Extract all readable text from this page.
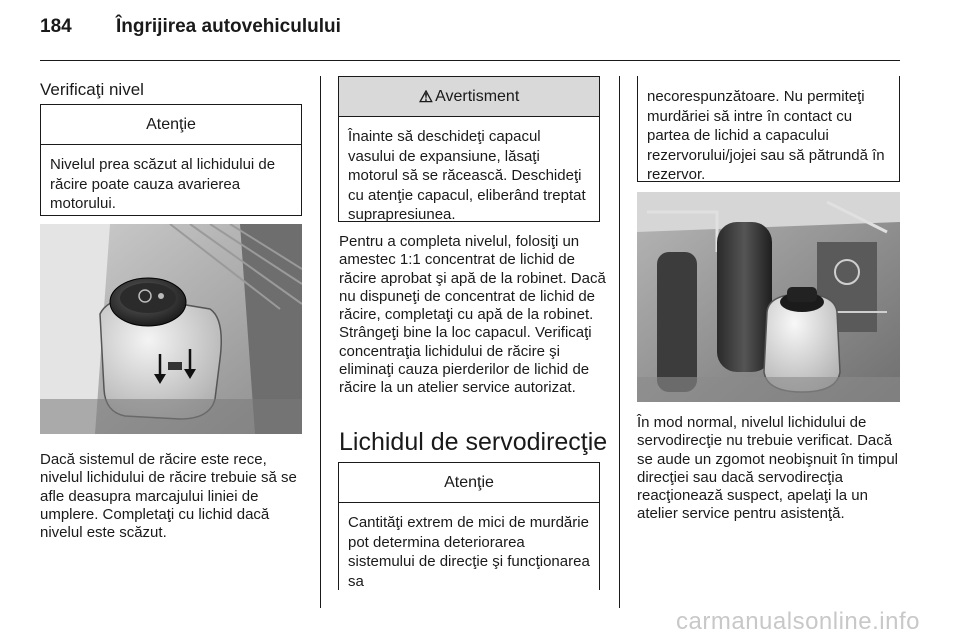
184 Îngrijirea autovehiculului
Verificaţi nivel
Atenţie
Nivelul prea scăzut al lichidului de răcire poate cauza avarierea motorului.
Dacă sistemul de răcire este rece, nivelul lichidului de răcire trebuie să se afle deasupra marcajului liniei de umplere. Completaţi cu lichid dacă nivelul este scăzut.
⚠ Avertisment
Înainte să deschideţi capacul vasului de expansiune, lăsaţi motorul să se răcească. Deschideţi cu atenţie capacul, eliberând treptat suprapresiunea.
Pentru a completa nivelul, folosiţi un amestec 1:1 concentrat de lichid de răcire aprobat şi apă de la robinet. Dacă nu dispuneţi de concentrat de lichid de răcire, completaţi cu apă de la robinet. Strângeţi bine la loc capacul. Verificaţi concentraţia lichidului de răcire şi eliminaţi cauza pierderilor de lichid de răcire la un atelier service autorizat.
Lichidul de servodirecţie
Atenţie
Cantităţi extrem de mici de murdărie pot determina deteriorarea sistemului de direcţie şi funcţionarea sa
necorespunzătoare. Nu permiteţi murdăriei să intre în contact cu partea de lichid a capacului rezervorului/jojei sau să pătrundă în rezervor.
În mod normal, nivelul lichidului de servodirecţie nu trebuie verificat. Dacă se aude un zgomot neobişnuit în timpul direcţiei sau dacă servodirecţia reacţionează suspect, apelaţi la un atelier service pentru asistenţă.
carmanualsonline.info
